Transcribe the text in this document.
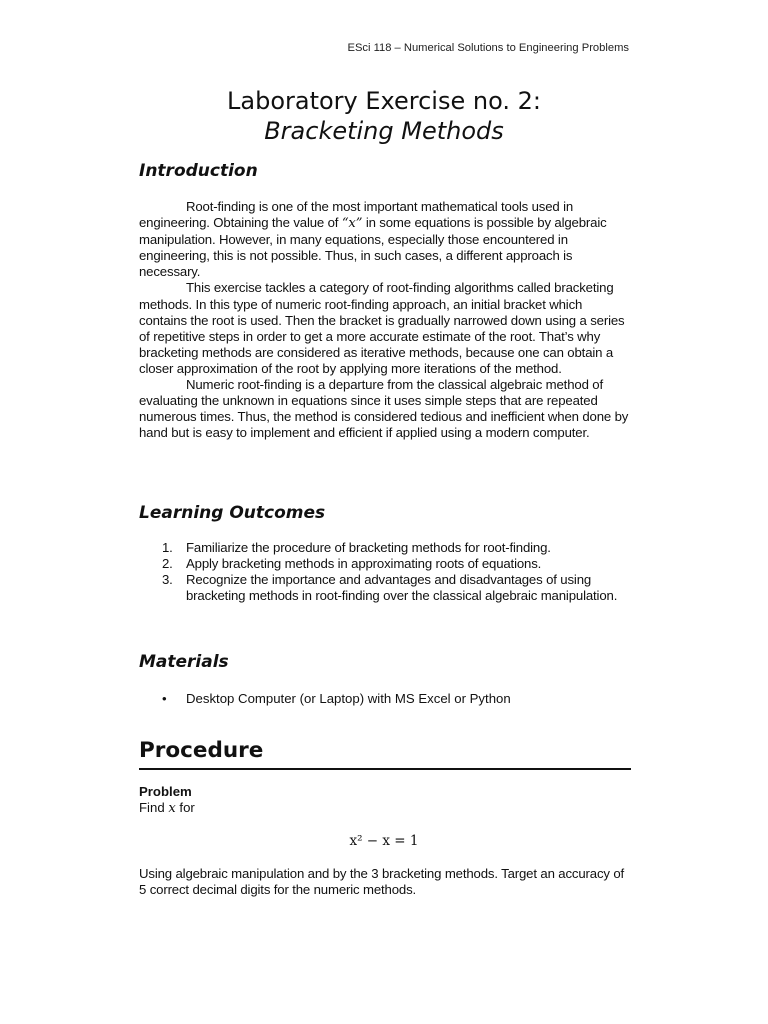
ESci 118 – Numerical Solutions to Engineering Problems
Laboratory Exercise no. 2:
Bracketing Methods
Introduction

Root-finding is one of the most important mathematical tools used in engineering. Obtaining the value of “x” in some equations is possible by algebraic manipulation. However, in many equations, especially those encountered in engineering, this is not possible. Thus, in such cases, a different approach is necessary.

This exercise tackles a category of root-finding algorithms called bracketing methods. In this type of numeric root-finding approach, an initial bracket which contains the root is used. Then the bracket is gradually narrowed down using a series of repetitive steps in order to get a more accurate estimate of the root. That’s why bracketing methods are considered as iterative methods, because one can obtain a closer approximation of the root by applying more iterations of the method.

Numeric root-finding is a departure from the classical algebraic method of evaluating the unknown in equations since it uses simple steps that are repeated numerous times. Thus, the method is considered tedious and inefficient when done by hand but is easy to implement and efficient if applied using a modern computer.

Learning Outcomes
1. Familiarize the procedure of bracketing methods for root-finding.
2. Apply bracketing methods in approximating roots of equations.
3. Recognize the importance and advantages and disadvantages of using bracketing methods in root-finding over the classical algebraic manipulation.
Materials
• Desktop Computer (or Laptop) with MS Excel or Python
Procedure
Problem
Find x for
x² − x = 1

Using algebraic manipulation and by the 3 bracketing methods. Target an accuracy of 5 correct decimal digits for the numeric methods.
